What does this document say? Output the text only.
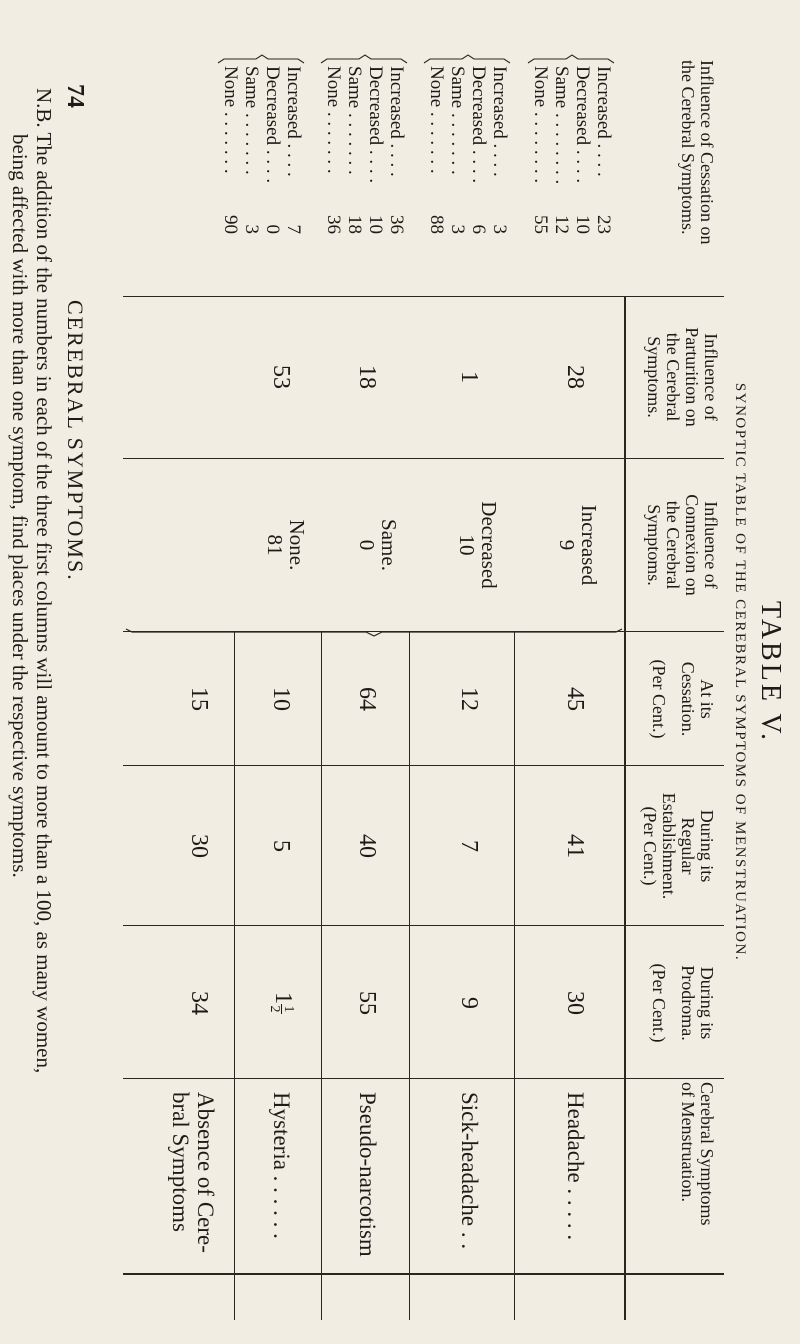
TABLE V.
SYNOPTIC TABLE OF THE CEREBRAL SYMPTOMS OF MENSTRUATION.
Cerebral Symptoms
of Menstruation.
During its
Prodroma.
(Per Cent.)
During its
Regular
Establishment.
(Per Cent.)
At its
Cessation.
(Per Cent.)
Influence of
Connexion on
the Cerebral
Symptoms.
Influence of
Parturition on
the Cerebral
Symptoms.
Influence of Cessation on
the Cerebral Symptoms.
Headache . . . . .
Sick-headache . .
Pseudo-narcotism
Hysteria . . . . . .
Absence of Cere-
bral Symptoms
30
9
55
1
1
2
34
41
7
40
5
30
45
12
64
10
15
Increased
9
Decreased
10
Same.
0
None.
81
28
1
18
53
Increased . . . .
23
Decreased . . . .
10
Same . . . . . . . .
12
None . . . . . . . .
55
Increased . . . .
3
Decreased . . . .
6
Same . . . . . . .
3
None . . . . . . .
88
Increased . . . .
36
Decreased . . . .
10
Same . . . . . . .
18
None . . . . . . .
36
Increased . . . .
7
Decreased . . . .
0
Same . . . . . . .
3
None . . . . . . .
90
74
CEREBRAL SYMPTOMS.
N.B. The addition of the numbers in each of the three first columns will amount to more than a 100, as many women,
being affected with more than one symptom, find places under the respective symptoms.
